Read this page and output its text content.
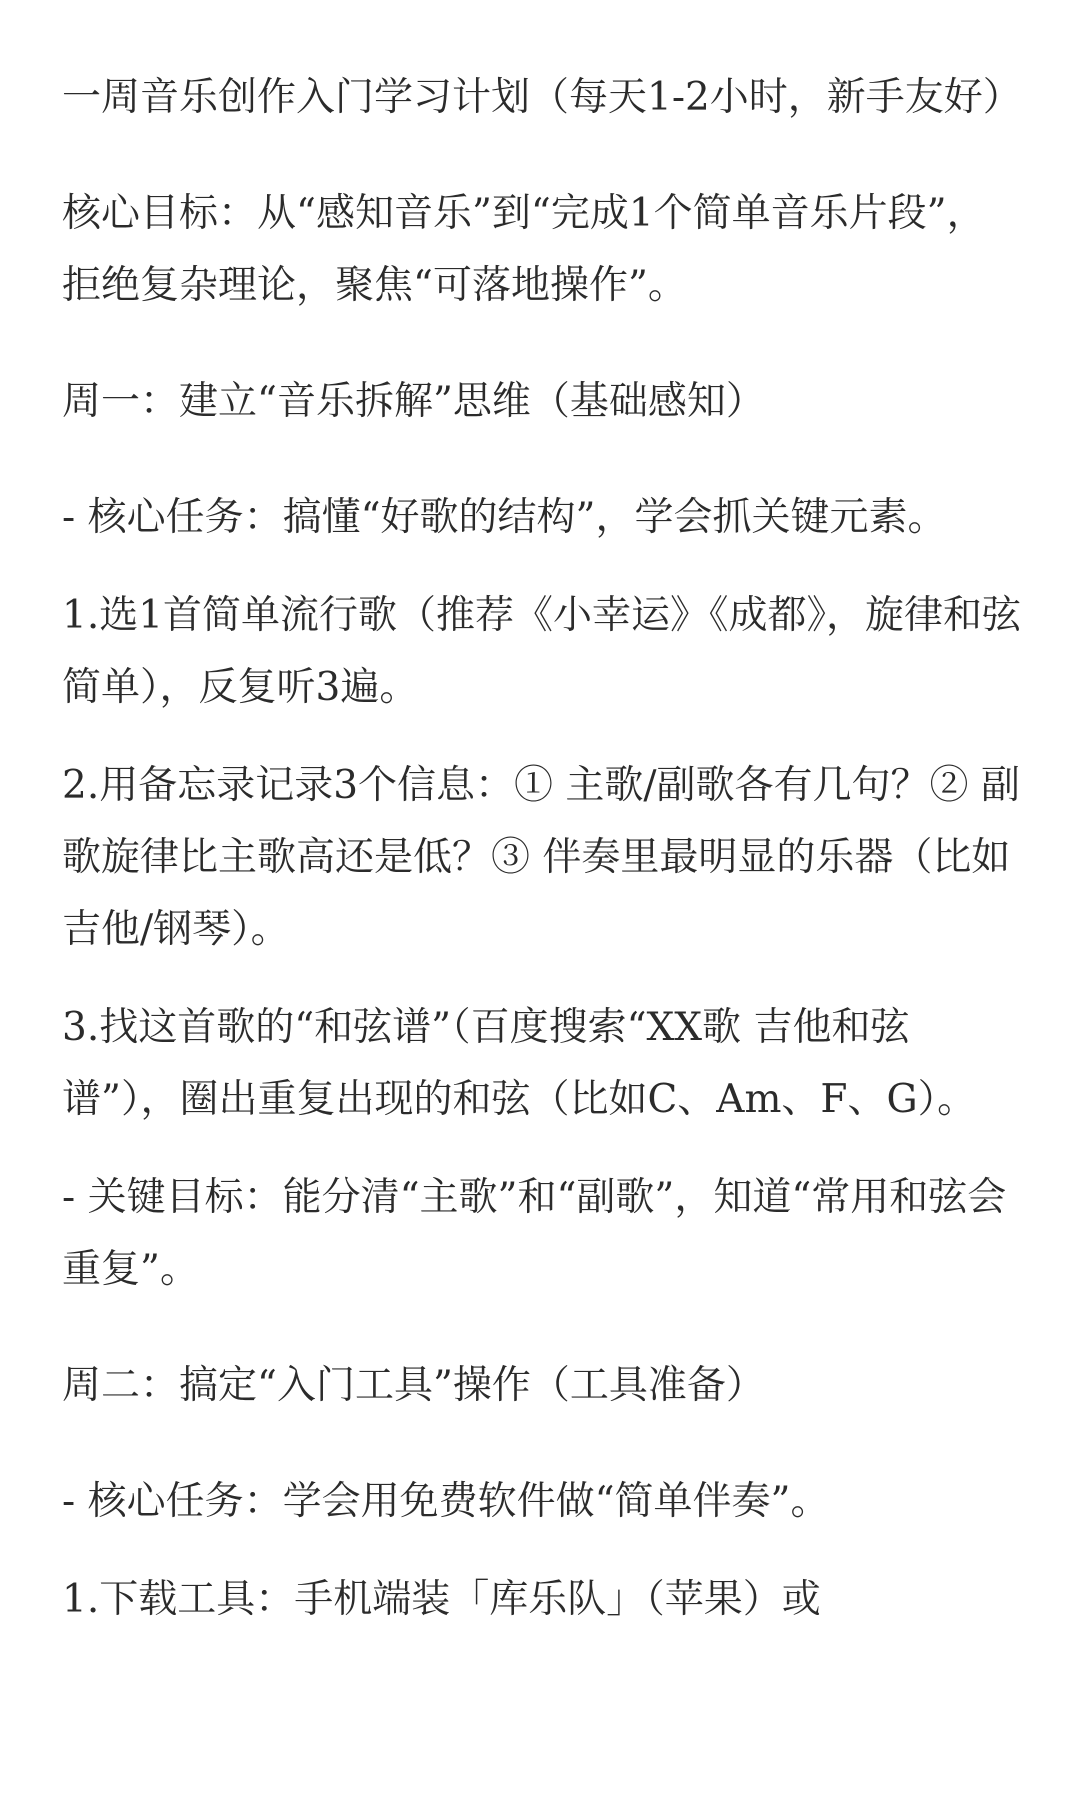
一周音乐创作入门学习计划（每天1-2小时，新手友好）

核心目标：从“感知音乐”到“完成1个简单音乐片段”，拒绝复杂理论，聚焦“可落地操作”。

周一：建立“音乐拆解”思维（基础感知）

- 核心任务：搞懂“好歌的结构”，学会抓关键元素。

1.选1首简单流行歌（推荐《小幸运》《成都》，旋律和弦简单），反复听3遍。

2.用备忘录记录3个信息：① 主歌/副歌各有几句？② 副歌旋律比主歌高还是低？③ 伴奏里最明显的乐器（比如吉他/钢琴）。

3.找这首歌的“和弦谱”（百度搜索“XX歌 吉他和弦谱”），圈出重复出现的和弦（比如C、Am、F、G）。

- 关键目标：能分清“主歌”和“副歌”，知道“常用和弦会重复”。

周二：搞定“入门工具”操作（工具准备）

- 核心任务：学会用免费软件做“简单伴奏”。

1.下载工具：手机端装「库乐队」（苹果）或
